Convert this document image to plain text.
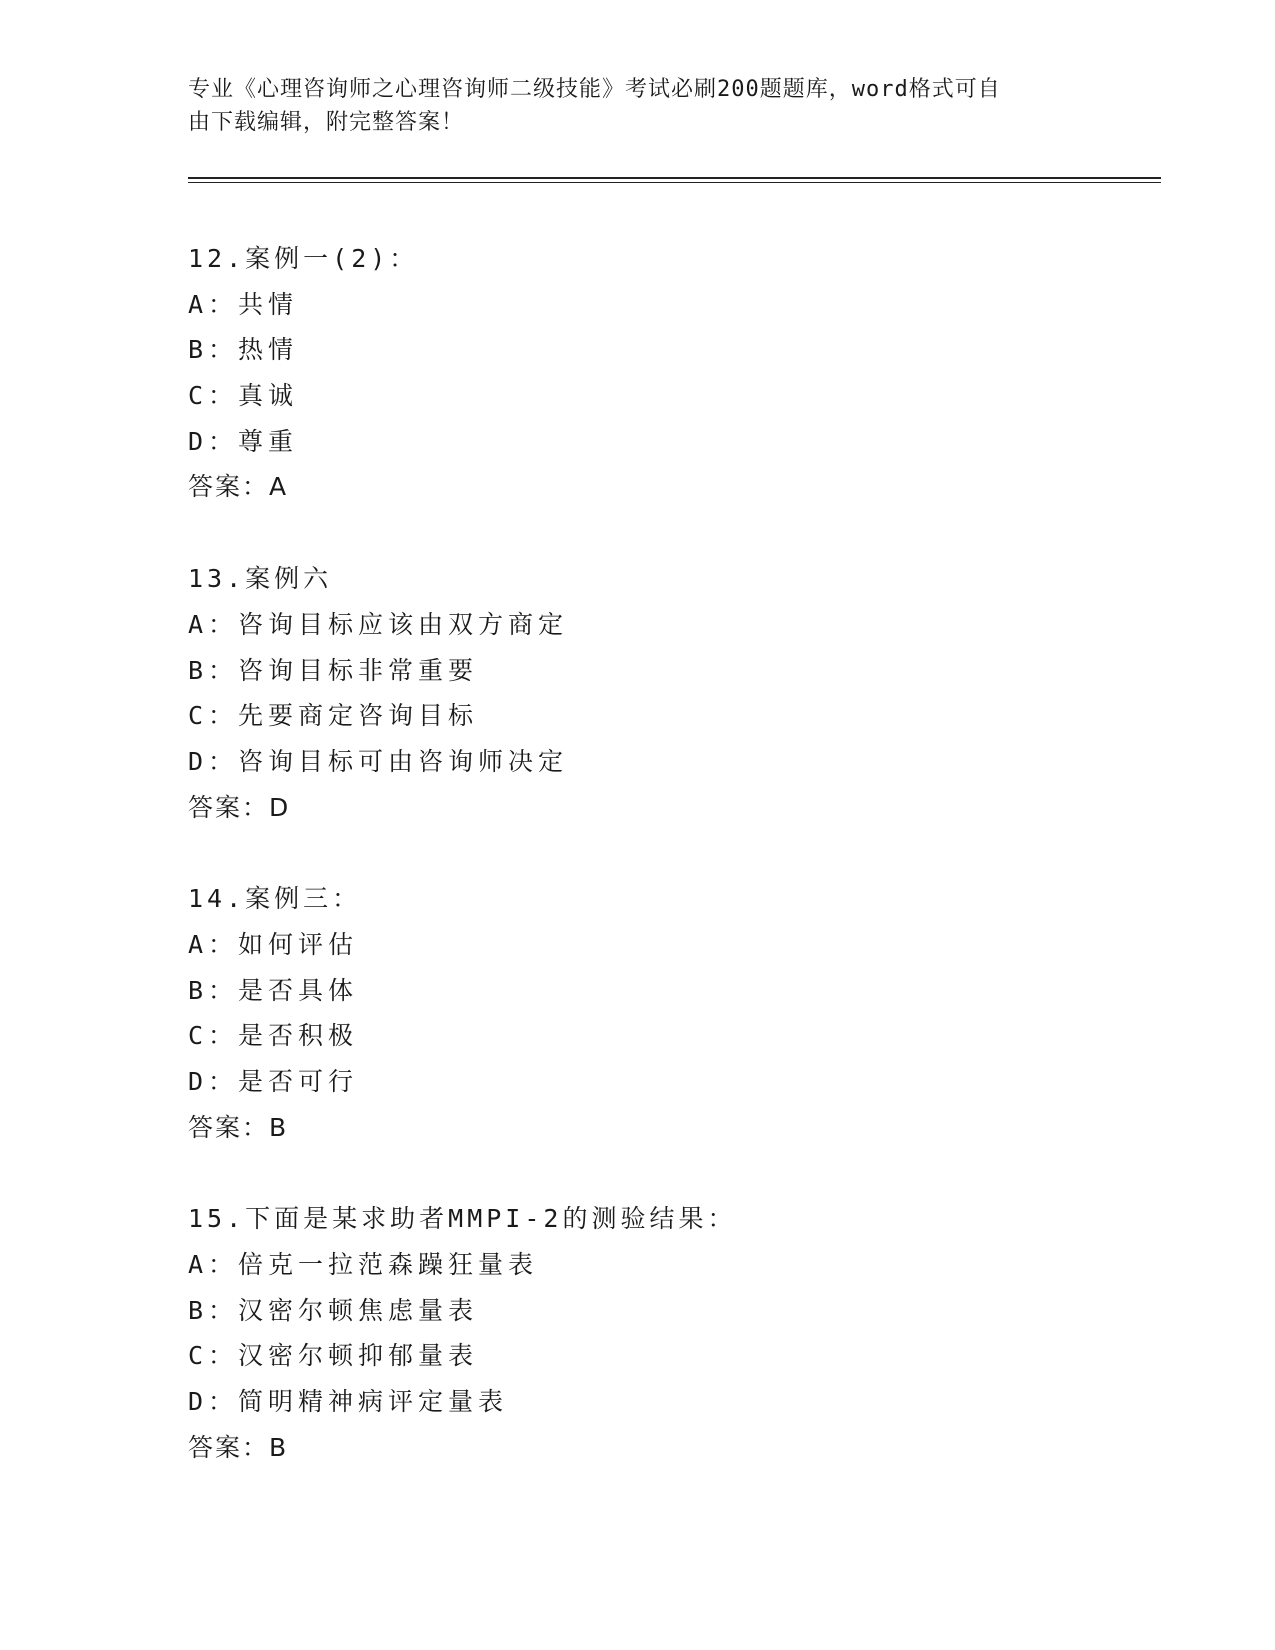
专业《心理咨询师之心理咨询师二级技能》考试必刷200题题库，word格式可自
由下载编辑，附完整答案！
12.案例一(2)：
A：共情
B：热情
C：真诚
D：尊重
答案：A
13.案例六
A：咨询目标应该由双方商定
B：咨询目标非常重要
C：先要商定咨询目标
D：咨询目标可由咨询师决定
答案：D
14.案例三：
A：如何评估
B：是否具体
C：是否积极
D：是否可行
答案：B
15.下面是某求助者MMPI-2的测验结果：
A：倍克一拉范森躁狂量表
B：汉密尔顿焦虑量表
C：汉密尔顿抑郁量表
D：简明精神病评定量表
答案：B
